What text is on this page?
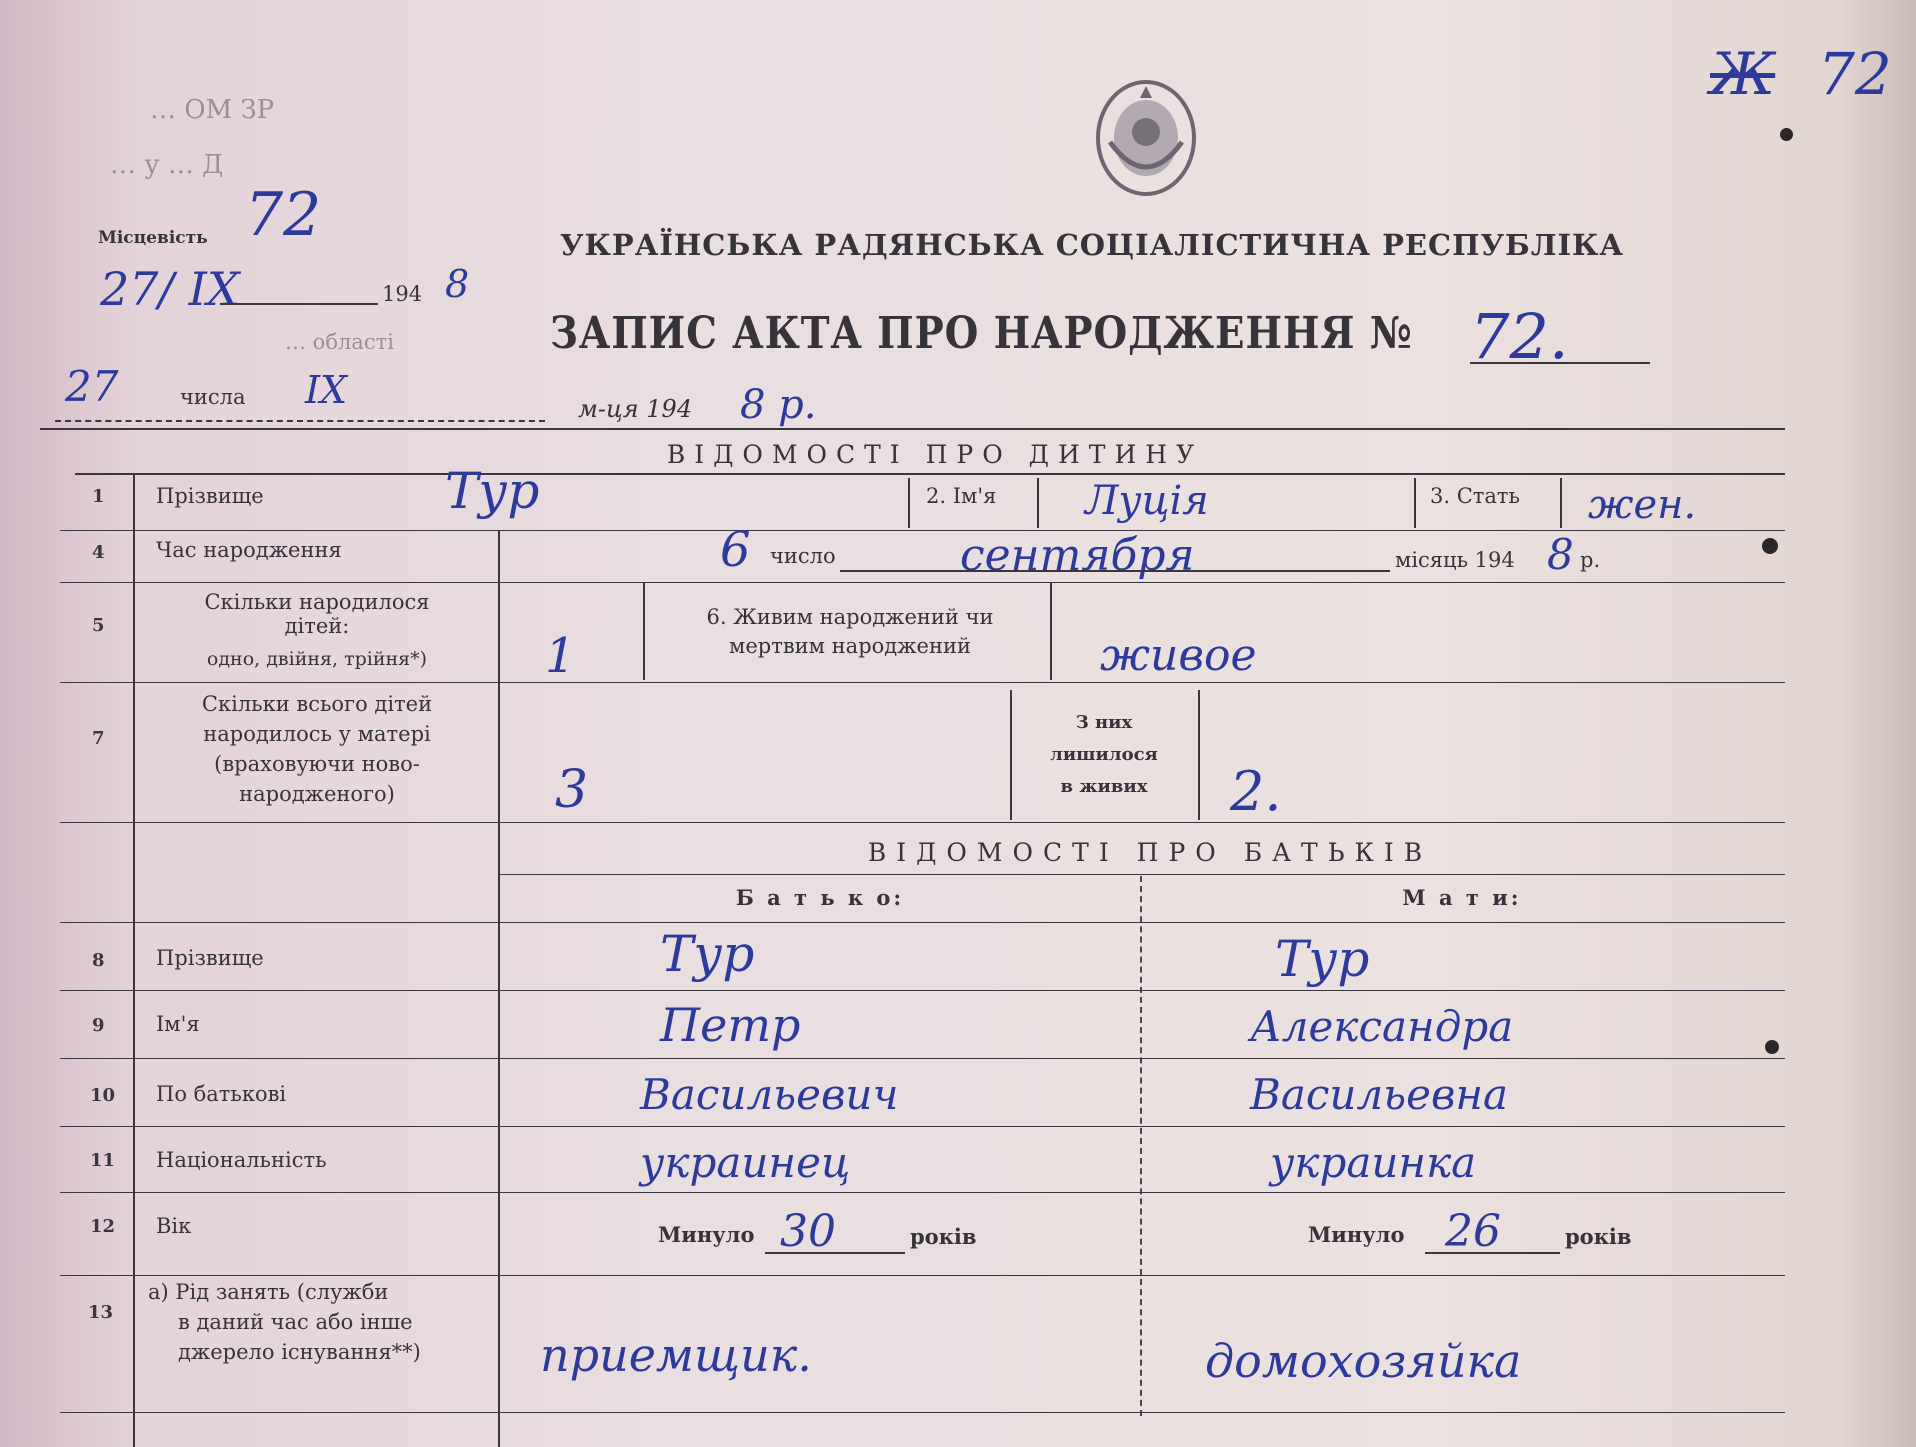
Ж 72
… ОМ ЗР
… у … Д
Місцевість 72
27/ IX	194 8
… області
27	числа IX	м-ця 194 8 р.
УКРАЇНСЬКА РАДЯНСЬКА СОЦІАЛІСТИЧНА РЕСПУБЛІКА
ЗАПИС АКТА ПРО НАРОДЖЕННЯ № 72.
ВІДОМОСТІ ПРО ДИТИНУ
1 Прізвище	Тур	2. Ім'я Луція	3. Стать жен.
4 Час народження	6 число	сентября	місяць 194 8 р.
5
Скільки народилося
дітей:
одно, двійня, трійня*)	1
6. Живим народжений чи
мертвим народжений	живое
7
Скільки всього дітей
народилось у матері
(враховуючи ново-
народженого)	3
З них
лишилося
в живих	2.
ВІДОМОСТІ ПРО БАТЬКІВ
Б а т ь к о:	М а т и:
8 Прізвище	Тур	Тур
9 Ім'я	Петр	Александра
10 По батькові	Васильевич	Васильевна
11 Національність	украинец	украинка
12 Вік	Минуло 30	років	Минуло 26	років
13
а) Рід занять (служби
в даний час або інше
джерело існування**)	приемщик.	домохозяйка
